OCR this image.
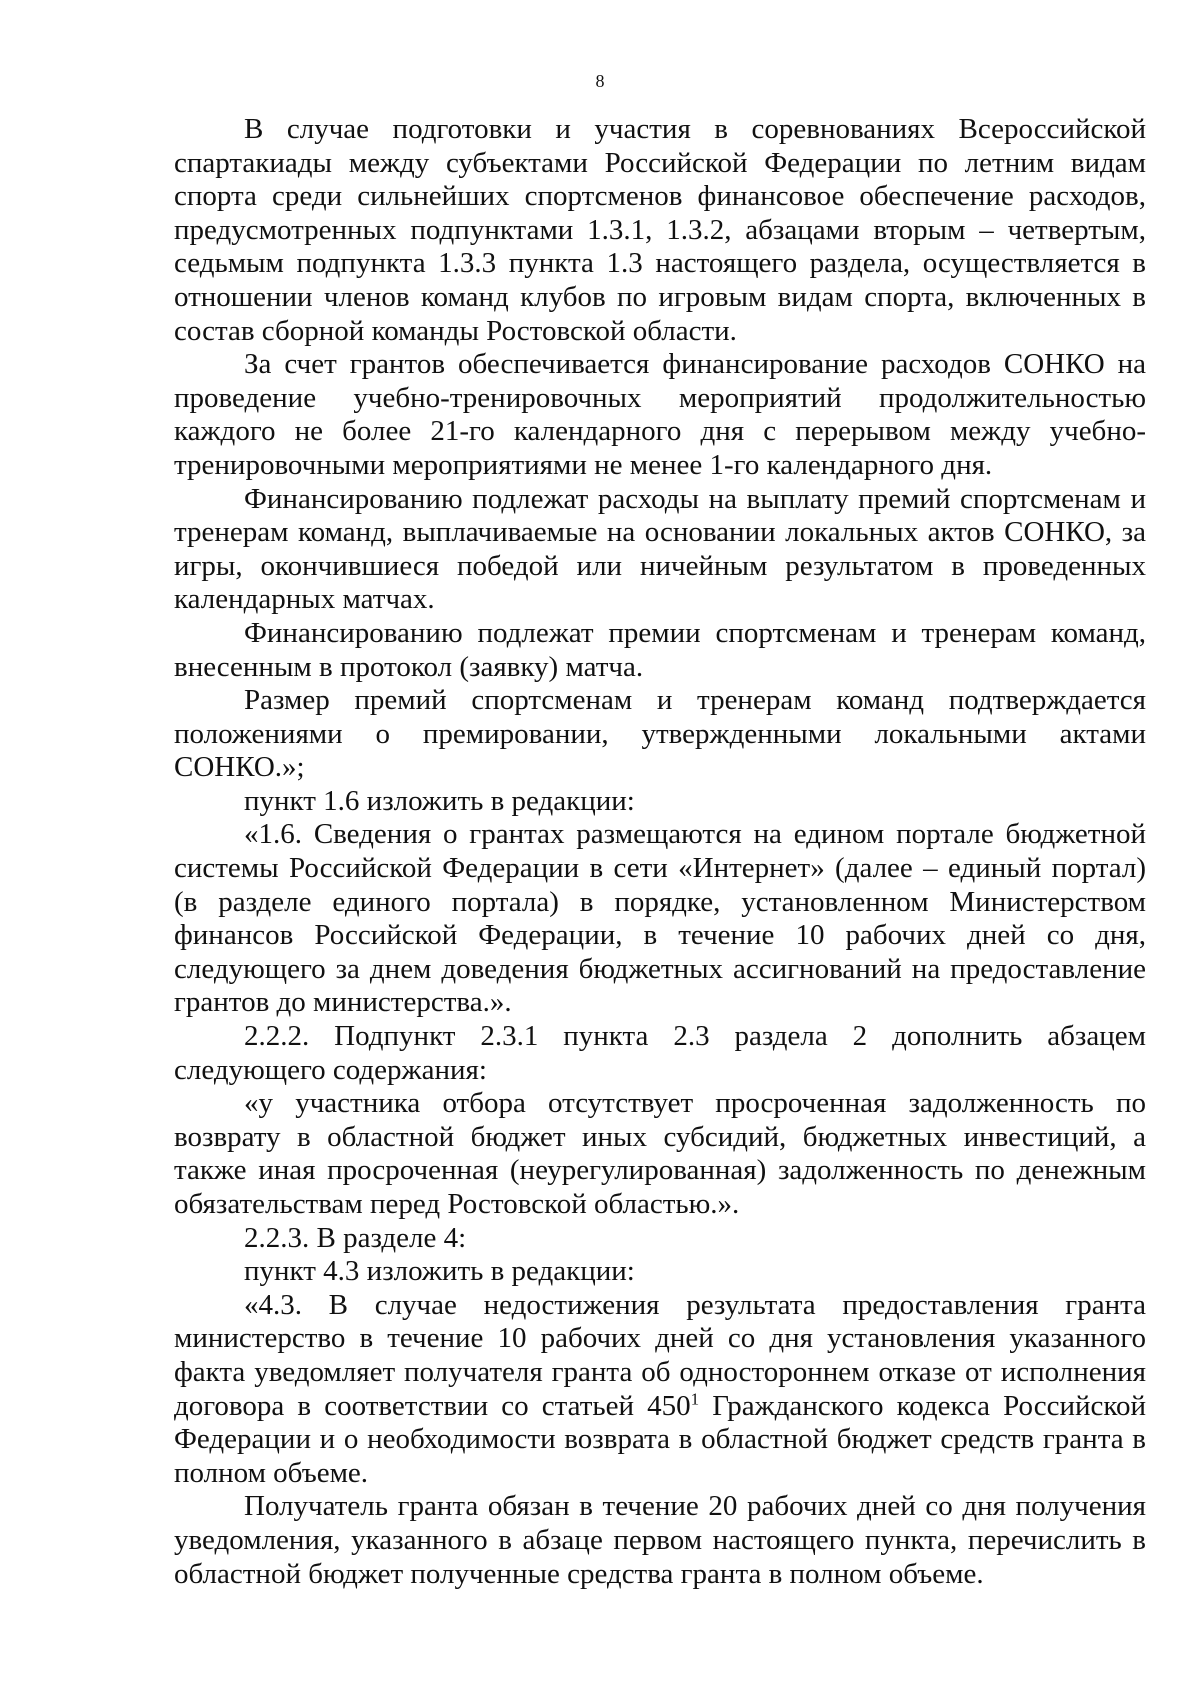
8

В случае подготовки и участия в соревнованиях Всероссийской спартакиады между субъектами Российской Федерации по летним видам спорта среди сильнейших спортсменов финансовое обеспечение расходов, предусмотренных подпунктами 1.3.1, 1.3.2, абзацами вторым – четвертым, седьмым подпункта 1.3.3 пункта 1.3 настоящего раздела, осуществляется в отношении членов команд клубов по игровым видам спорта, включенных в состав сборной команды Ростовской области.

За счет грантов обеспечивается финансирование расходов СОНКО на проведение учебно-тренировочных мероприятий продолжительностью каждого не более 21-го календарного дня с перерывом между учебно-тренировочными мероприятиями не менее 1-го календарного дня.

Финансированию подлежат расходы на выплату премий спортсменам и тренерам команд, выплачиваемые на основании локальных актов СОНКО, за игры, окончившиеся победой или ничейным результатом в проведенных календарных матчах.

Финансированию подлежат премии спортсменам и тренерам команд, внесенным в протокол (заявку) матча.

Размер премий спортсменам и тренерам команд подтверждается положениями о премировании, утвержденными локальными актами СОНКО.»;

пункт 1.6 изложить в редакции:

«1.6. Сведения о грантах размещаются на едином портале бюджетной системы Российской Федерации в сети «Интернет» (далее – единый портал) (в разделе единого портала) в порядке, установленном Министерством финансов Российской Федерации, в течение 10 рабочих дней со дня, следующего за днем доведения бюджетных ассигнований на предоставление грантов до министерства.».

2.2.2. Подпункт 2.3.1 пункта 2.3 раздела 2 дополнить абзацем следующего содержания:

«у участника отбора отсутствует просроченная задолженность по возврату в областной бюджет иных субсидий, бюджетных инвестиций, а также иная просроченная (неурегулированная) задолженность по денежным обязательствам перед Ростовской областью.».

2.2.3. В разделе 4:

пункт 4.3 изложить в редакции:

«4.3. В случае недостижения результата предоставления гранта министерство в течение 10 рабочих дней со дня установления указанного факта уведомляет получателя гранта об одностороннем отказе от исполнения договора в соответствии со статьей $450^1$ Гражданского кодекса Российской Федерации и о необходимости возврата в областной бюджет средств гранта в полном объеме.

Получатель гранта обязан в течение 20 рабочих дней со дня получения уведомления, указанного в абзаце первом настоящего пункта, перечислить в областной бюджет полученные средства гранта в полном объеме.
